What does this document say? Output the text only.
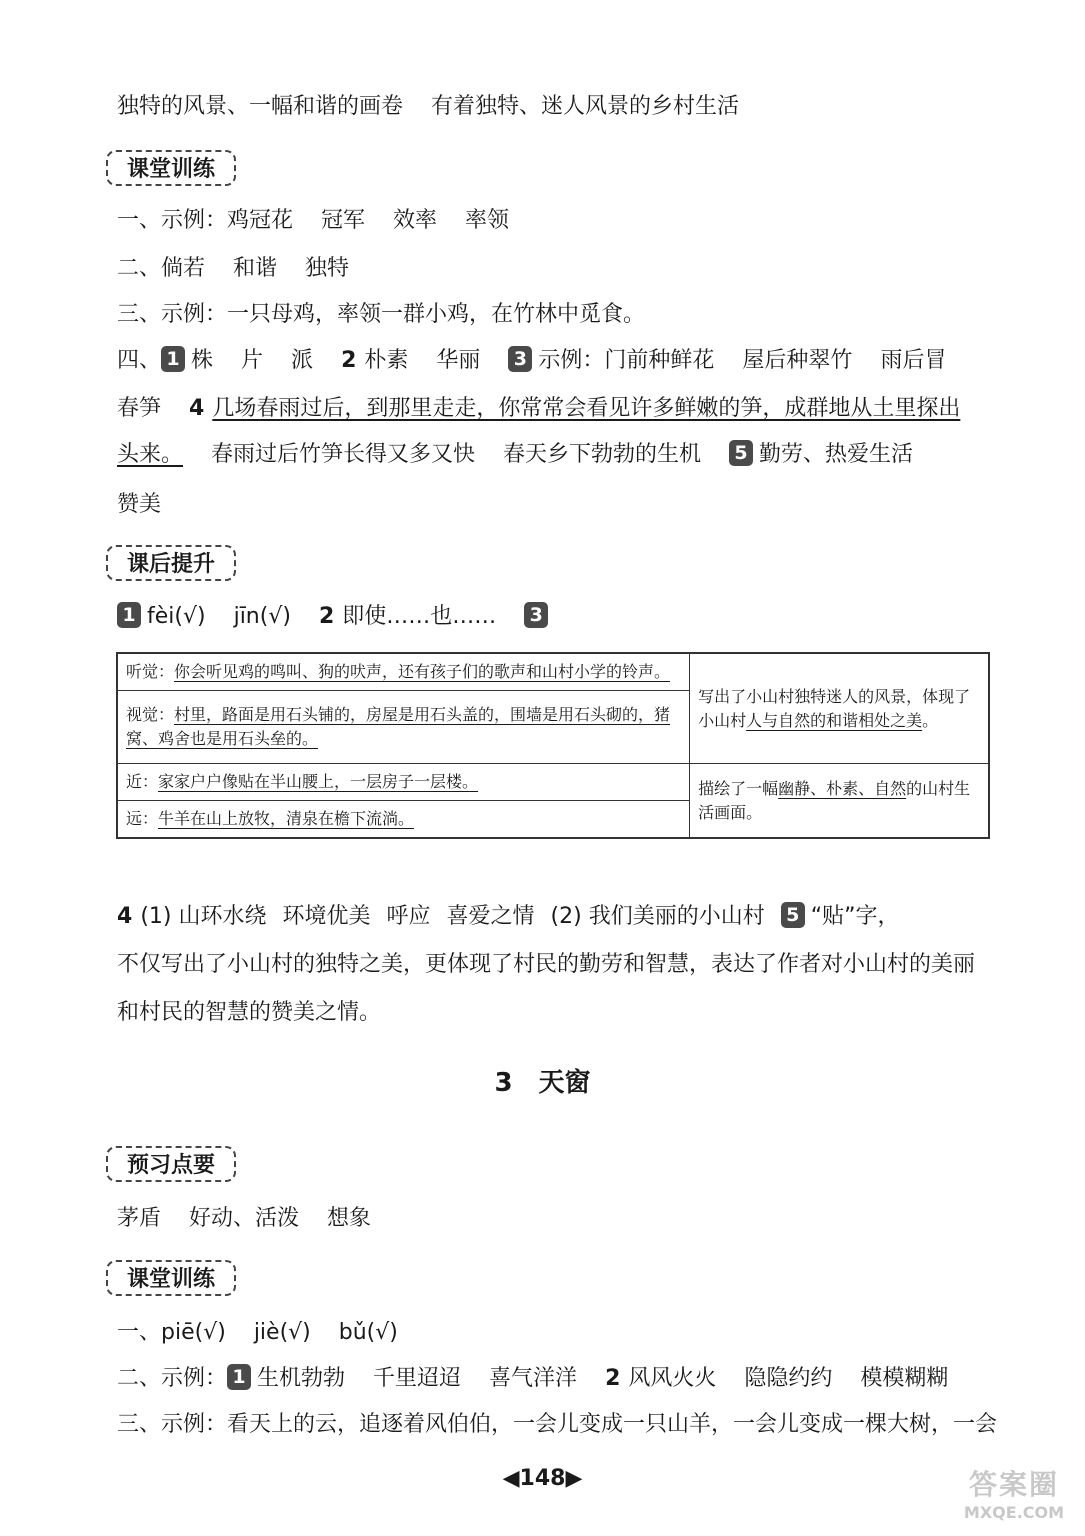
独特的风景、一幅和谐的画卷 有着独特、迷人风景的乡村生活
课堂训练
一、示例：鸡冠花 冠军 效率 率领
二、倘若 和谐 独特
三、示例：一只母鸡，率领一群小鸡，在竹林中觅食。
四、 1 株 片 派 2 朴素 华丽 3 示例：门前种鲜花 屋后种翠竹 雨后冒
春笋 4 几场春雨过后，到那里走走，你常常会看见许多鲜嫩的笋，成群地从土里探出
头来。 春雨过后竹笋长得又多又快 春天乡下勃勃的生机 5 勤劳、热爱生活
赞美
课后提升
1 fèi(√) jīn(√) 2 即使……也…… 3
听觉：你会听见鸡的鸣叫、狗的吠声，还有孩子们的歌声和山村小学的铃声。	写出了小山村独特迷人的风景，体现了小山村人与自然的和谐相处之美。
视觉：村里，路面是用石头铺的，房屋是用石头盖的，围墙是用石头砌的，猪窝、鸡舍也是用石头垒的。	
近：家家户户像贴在半山腰上，一层房子一层楼。	描绘了一幅幽静、朴素、自然的山村生活画面。
远：牛羊在山上放牧，清泉在檐下流淌。	
4 (1) 山环水绕 环境优美 呼应 喜爱之情 (2) 我们美丽的小山村 5 “贴”字，
不仅写出了小山村的独特之美，更体现了村民的勤劳和智慧，表达了作者对小山村的美丽
和村民的智慧的赞美之情。
3　天窗
预习点要
茅盾 好动、活泼 想象
课堂训练
一、piē(√) jiè(√) bǔ(√)
二、示例： 1 生机勃勃 千里迢迢 喜气洋洋 2 风风火火 隐隐约约 模模糊糊
三、示例：看天上的云，追逐着风伯伯，一会儿变成一只山羊，一会儿变成一棵大树，一会
◀148▶	答案圈
MXQE.COM
